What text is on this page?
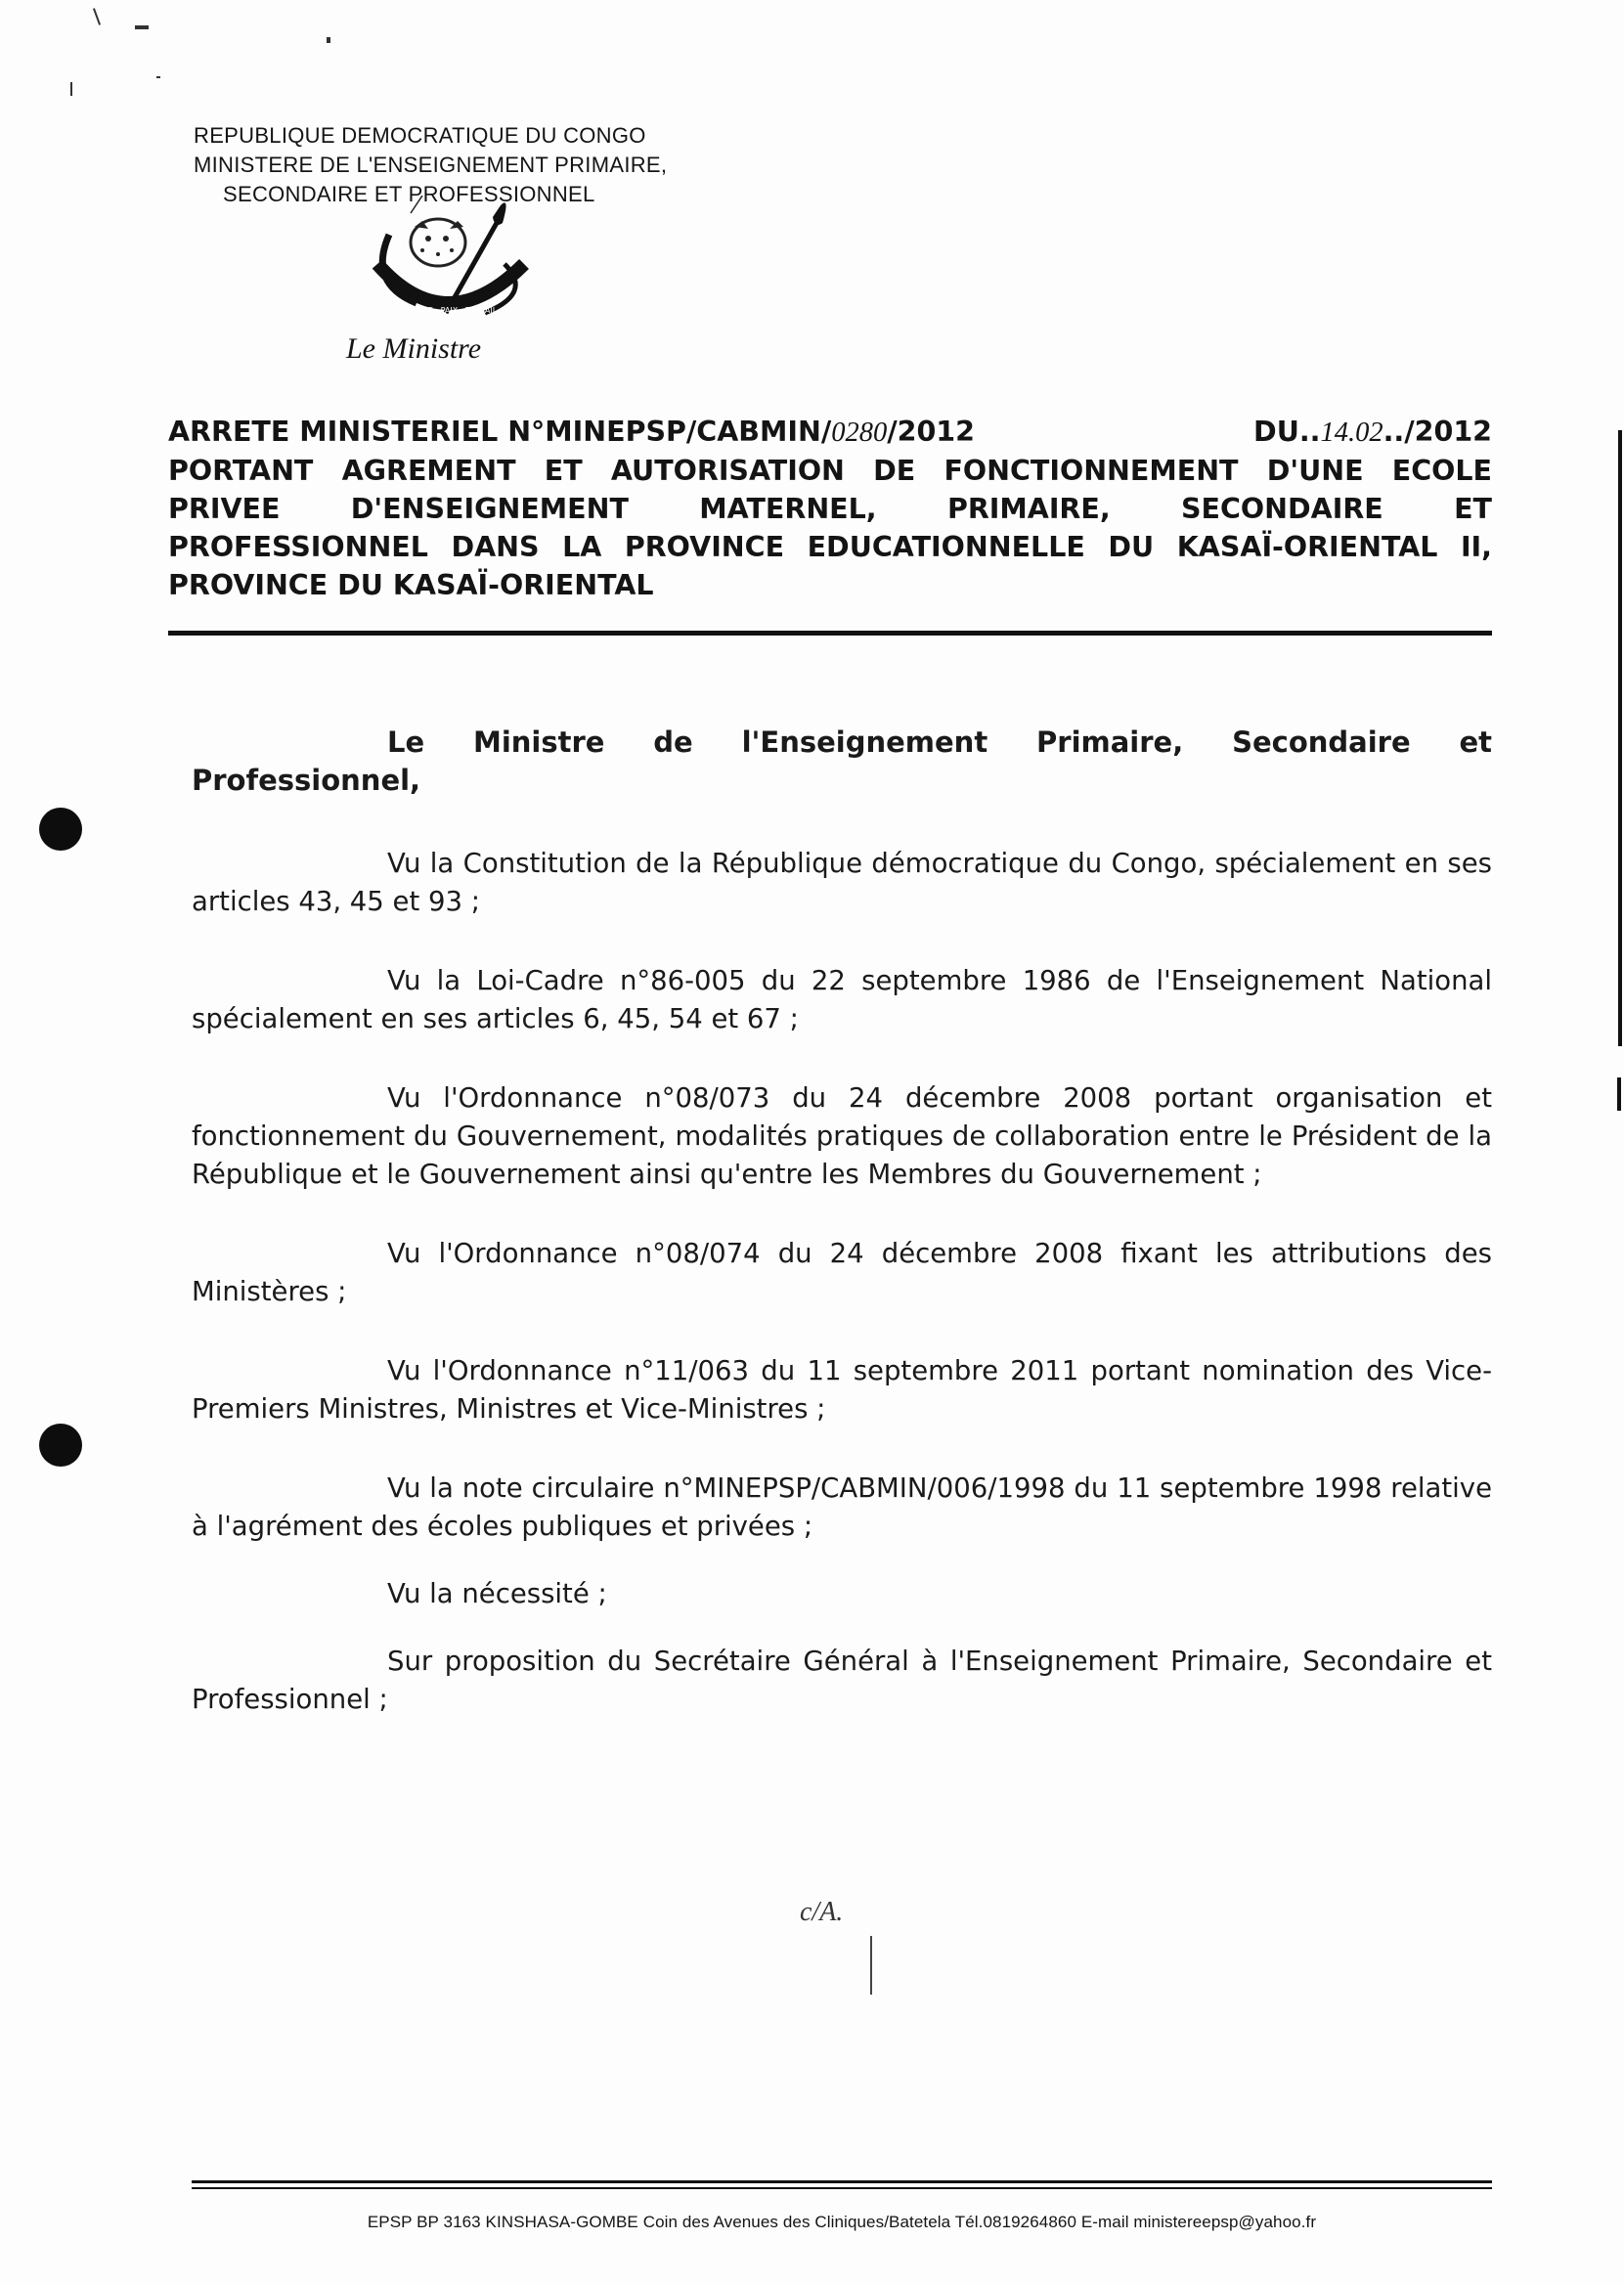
REPUBLIQUE DEMOCRATIQUE DU CONGO
MINISTERE DE L'ENSEIGNEMENT PRIMAIRE,
SECONDAIRE ET PROFESSIONNEL
JUSTICE · PAIX · TRAVAIL
Le Ministre
ARRETE MINISTERIEL N°MINEPSP/CABMIN/0280/2012	DU..14.02../2012
PORTANT AGREMENT ET AUTORISATION DE FONCTIONNEMENT D'UNE ECOLE
PRIVEE D'ENSEIGNEMENT MATERNEL, PRIMAIRE, SECONDAIRE ET
PROFESSIONNEL DANS LA PROVINCE EDUCATIONNELLE DU KASAÏ-ORIENTAL II,
PROVINCE DU KASAÏ-ORIENTAL
Le Ministre de l'Enseignement Primaire, Secondaire et Professionnel,
Vu la Constitution de la République démocratique du Congo, spécialement en ses articles 43, 45 et 93 ;
Vu la Loi-Cadre n°86-005 du 22 septembre 1986 de l'Enseignement National spécialement en ses articles 6, 45, 54 et 67 ;
Vu l'Ordonnance n°08/073 du 24 décembre 2008 portant organisation et fonctionnement du Gouvernement, modalités pratiques de collaboration entre le Président de la République et le Gouvernement ainsi qu'entre les Membres du Gouvernement ;
Vu l'Ordonnance n°08/074 du 24 décembre 2008 fixant les attributions des Ministères ;
Vu l'Ordonnance n°11/063 du 11 septembre 2011 portant nomination des Vice-Premiers Ministres, Ministres et Vice-Ministres ;
Vu la note circulaire n°MINEPSP/CABMIN/006/1998 du 11 septembre 1998 relative à l'agrément des écoles publiques et privées ;
Vu la nécessité ;
Sur proposition du Secrétaire Général à l'Enseignement Primaire, Secondaire et Professionnel ;
c/A.
EPSP BP 3163 KINSHASA-GOMBE Coin des Avenues des Cliniques/Batetela Tél.0819264860 E-mail ministereepsp@yahoo.fr
